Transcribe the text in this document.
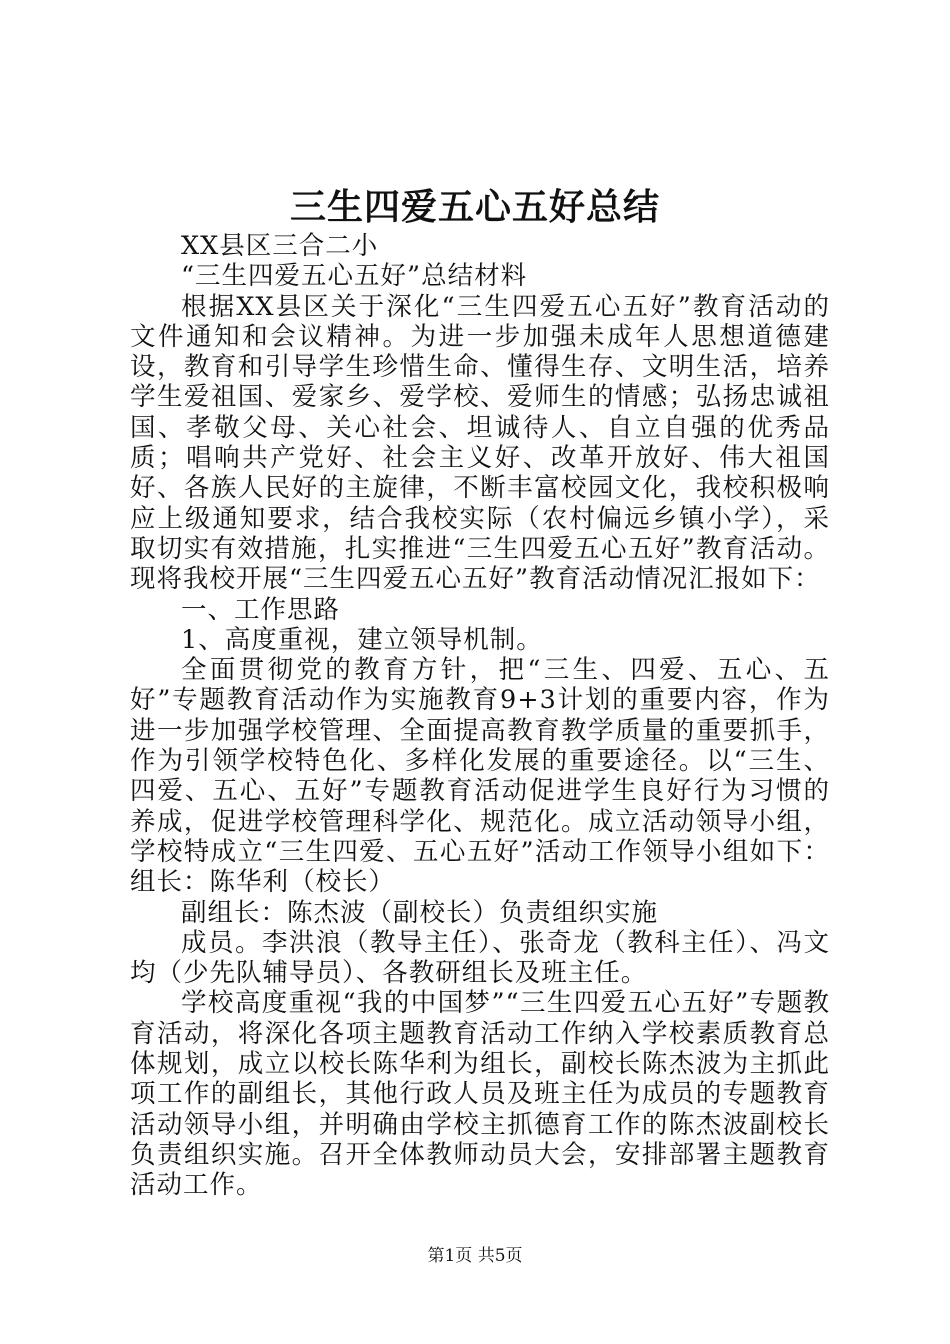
三生四爱五心五好总结

XX县区三合二小

“三生四爱五心五好”总结材料

根据XX县区关于深化“三生四爱五心五好”教育活动的文件通知和会议精神。为进一步加强未成年人思想道德建设，教育和引导学生珍惜生命、懂得生存、文明生活，培养学生爱祖国、爱家乡、爱学校、爱师生的情感；弘扬忠诚祖国、孝敬父母、关心社会、坦诚待人、自立自强的优秀品质；唱响共产党好、社会主义好、改革开放好、伟大祖国好、各族人民好的主旋律，不断丰富校园文化，我校积极响应上级通知要求，结合我校实际（农村偏远乡镇小学），采取切实有效措施，扎实推进“三生四爱五心五好”教育活动。现将我校开展“三生四爱五心五好”教育活动情况汇报如下：

一、工作思路

1、高度重视，建立领导机制。

全面贯彻党的教育方针，把“三生、四爱、五心、五好”专题教育活动作为实施教育9+3计划的重要内容，作为进一步加强学校管理、全面提高教育教学质量的重要抓手，作为引领学校特色化、多样化发展的重要途径。以“三生、四爱、五心、五好”专题教育活动促进学生良好行为习惯的养成，促进学校管理科学化、规范化。成立活动领导小组，学校特成立“三生四爱、五心五好”活动工作领导小组如下：组长：陈华利（校长）

副组长：陈杰波（副校长）负责组织实施

成员。李洪浪（教导主任）、张奇龙（教科主任）、冯文均（少先队辅导员）、各教研组长及班主任。

学校高度重视“我的中国梦”“三生四爱五心五好”专题教育活动，将深化各项主题教育活动工作纳入学校素质教育总体规划，成立以校长陈华利为组长，副校长陈杰波为主抓此项工作的副组长，其他行政人员及班主任为成员的专题教育活动领导小组，并明确由学校主抓德育工作的陈杰波副校长负责组织实施。召开全体教师动员大会，安排部署主题教育活动工作。

第1页 共5页
